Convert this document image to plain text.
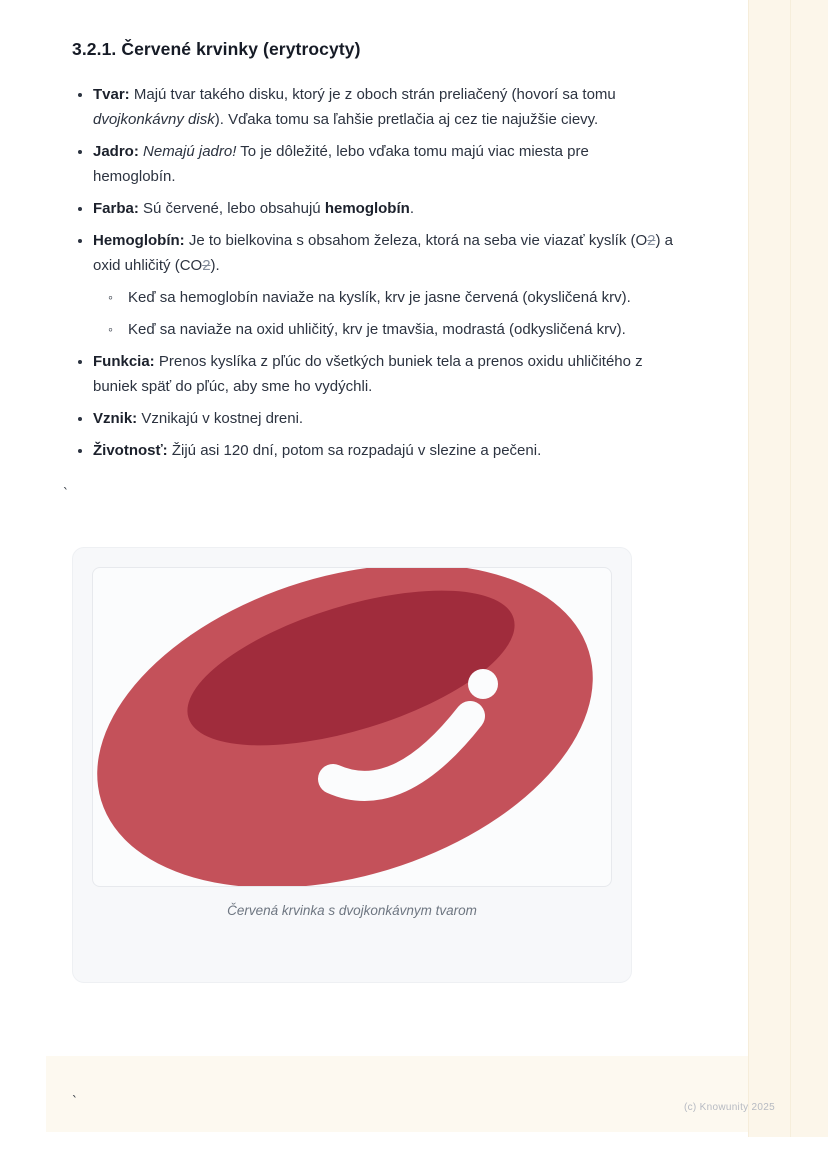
3.2.1. Červené krvinky (erytrocyty)
• Tvar: Majú tvar takého disku, ktorý je z oboch strán preliačený (hovorí sa tomu dvojkonkávny disk). Vďaka tomu sa ľahšie pretlačia aj cez tie najužšie cievy.
• Jadro: Nemajú jadro! To je dôležité, lebo vďaka tomu majú viac miesta pre hemoglobín.
• Farba: Sú červené, lebo obsahujú hemoglobín.
• Hemoglobín: Je to bielkovina s obsahom železa, ktorá na seba vie viazať kyslík (O2) a oxid uhličitý (CO2).
◦ Keď sa hemoglobín naviaže na kyslík, krv je jasne červená (okysličená krv).
◦ Keď sa naviaže na oxid uhličitý, krv je tmavšia, modrastá (odkysličená krv).
• Funkcia: Prenos kyslíka z pľúc do všetkých buniek tela a prenos oxidu uhličitého z buniek späť do pľúc, aby sme ho vydýchli.
• Vznik: Vznikajú v kostnej dreni.
• Životnosť: Žijú asi 120 dní, potom sa rozpadajú v slezine a pečeni.
`
Červená krvinka s dvojkonkávnym tvarom
`	(c) Knowunity 2025
